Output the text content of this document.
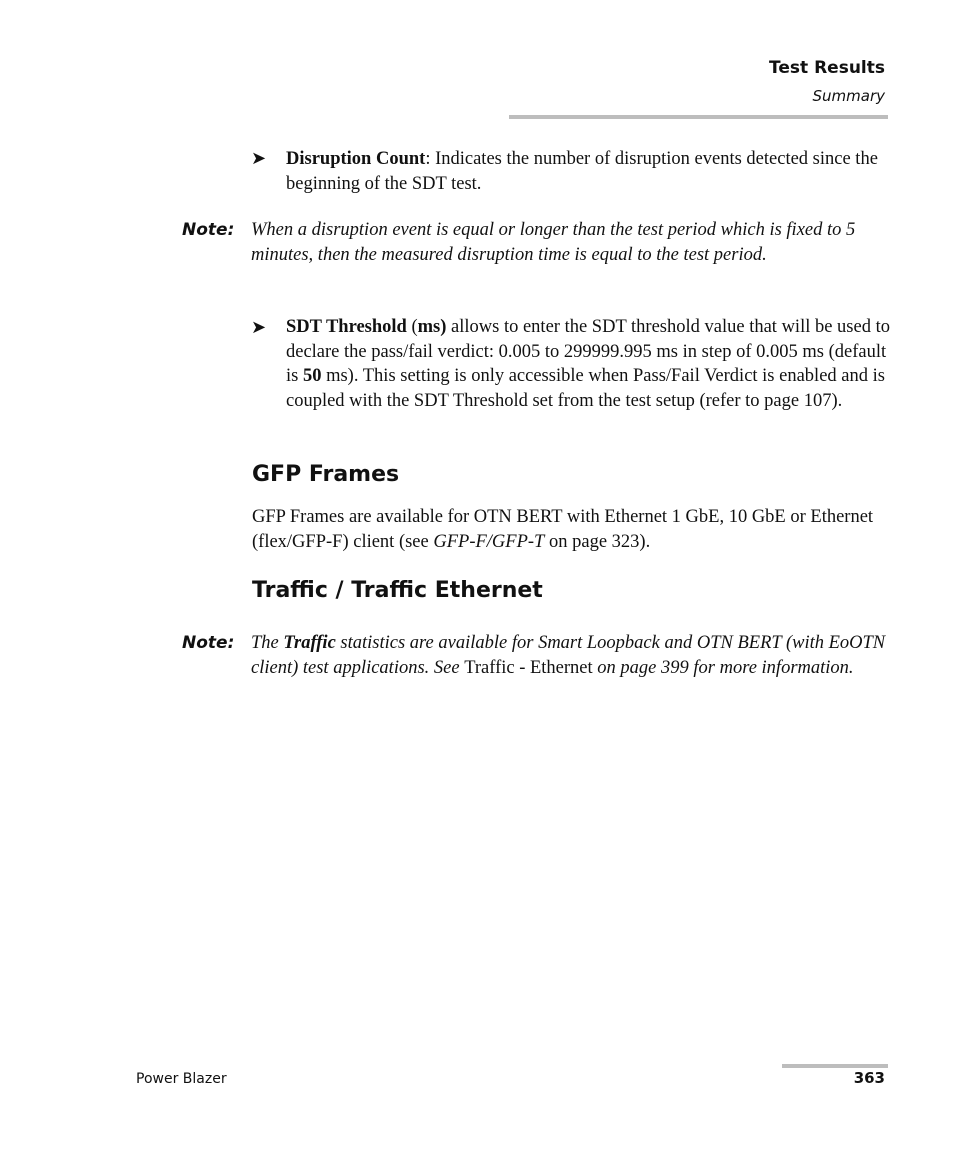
Test Results
Summary
➤ Disruption Count: Indicates the number of disruption events detected since the beginning of the SDT test.
Note: When a disruption event is equal or longer than the test period which is fixed to 5 minutes, then the measured disruption time is equal to the test period.
➤ SDT Threshold (ms) allows to enter the SDT threshold value that will be used to declare the pass/fail verdict: 0.005 to 299999.995 ms in step of 0.005 ms (default is 50 ms). This setting is only accessible when Pass/Fail Verdict is enabled and is coupled with the SDT Threshold set from the test setup (refer to page 107).
GFP Frames
GFP Frames are available for OTN BERT with Ethernet 1 GbE, 10 GbE or Ethernet (flex/GFP-F) client (see GFP-F/GFP-T on page 323).
Traffic / Traffic Ethernet
Note: The Traffic statistics are available for Smart Loopback and OTN BERT (with EoOTN client) test applications. See Traffic - Ethernet on page 399 for more information.
Power Blazer	363
